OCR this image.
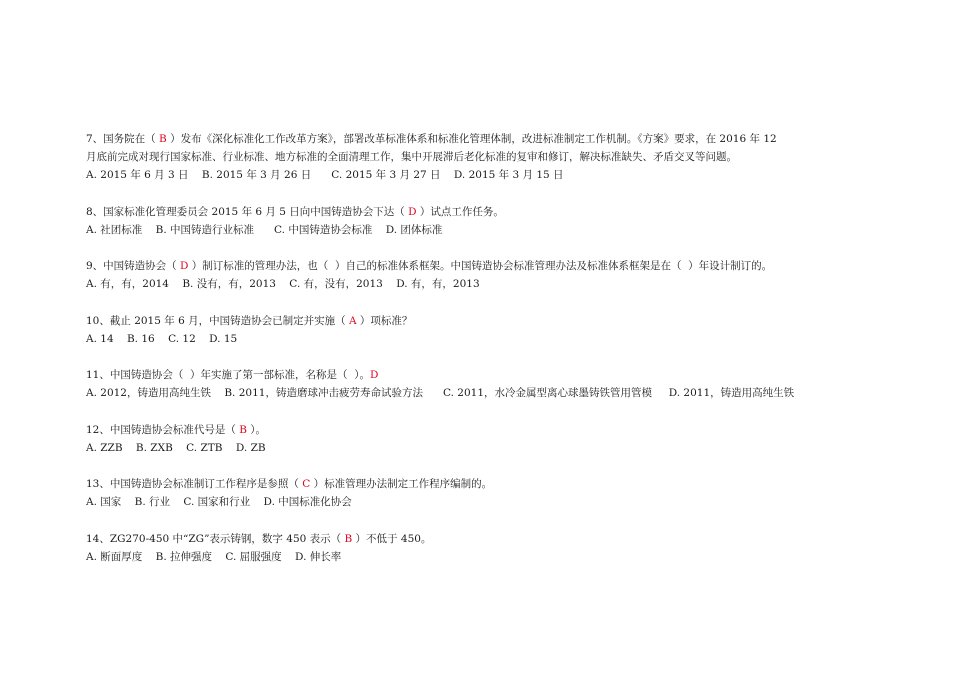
7、国务院在（ B ）发布《深化标准化工作改革方案》，部署改革标准体系和标准化管理体制，改进标准制定工作机制。《方案》要求，在 2016 年 12
月底前完成对现行国家标准、行业标准、地方标准的全面清理工作，集中开展滞后老化标准的复审和修订，解决标准缺失、矛盾交叉等问题。
A. 2015 年 6 月 3 日    B. 2015 年 3 月 26 日      C. 2015 年 3 月 27 日    D. 2015 年 3 月 15 日
8、国家标准化管理委员会 2015 年 6 月 5 日向中国铸造协会下达（ D ）试点工作任务。
A. 社团标准    B. 中国铸造行业标准      C. 中国铸造协会标准    D. 团体标准
9、中国铸造协会（ D ）制订标准的管理办法，也（  ）自己的标准体系框架。中国铸造协会标准管理办法及标准体系框架是在（  ）年设计制订的。
A. 有，有，2014    B. 没有，有，2013    C. 有，没有，2013    D. 有，有，2013
10、截止 2015 年 6 月，中国铸造协会已制定并实施（ A ）项标准？
A. 14    B. 16    C. 12    D. 15
11、中国铸造协会（  ）年实施了第一部标准，名称是（  ）。D
A. 2012，铸造用高纯生铁    B. 2011，铸造磨球冲击疲劳寿命试验方法      C. 2011，水冷金属型离心球墨铸铁管用管模     D. 2011，铸造用高纯生铁
12、中国铸造协会标准代号是（ B ）。
A. ZZB    B. ZXB    C. ZTB    D. ZB
13、中国铸造协会标准制订工作程序是参照（ C ）标准管理办法制定工作程序编制的。
A. 国家    B. 行业    C. 国家和行业    D. 中国标准化协会
14、ZG270-450 中“ZG”表示铸钢，数字 450 表示（ B ）不低于 450。
A. 断面厚度    B. 拉伸强度    C. 屈服强度    D. 伸长率
